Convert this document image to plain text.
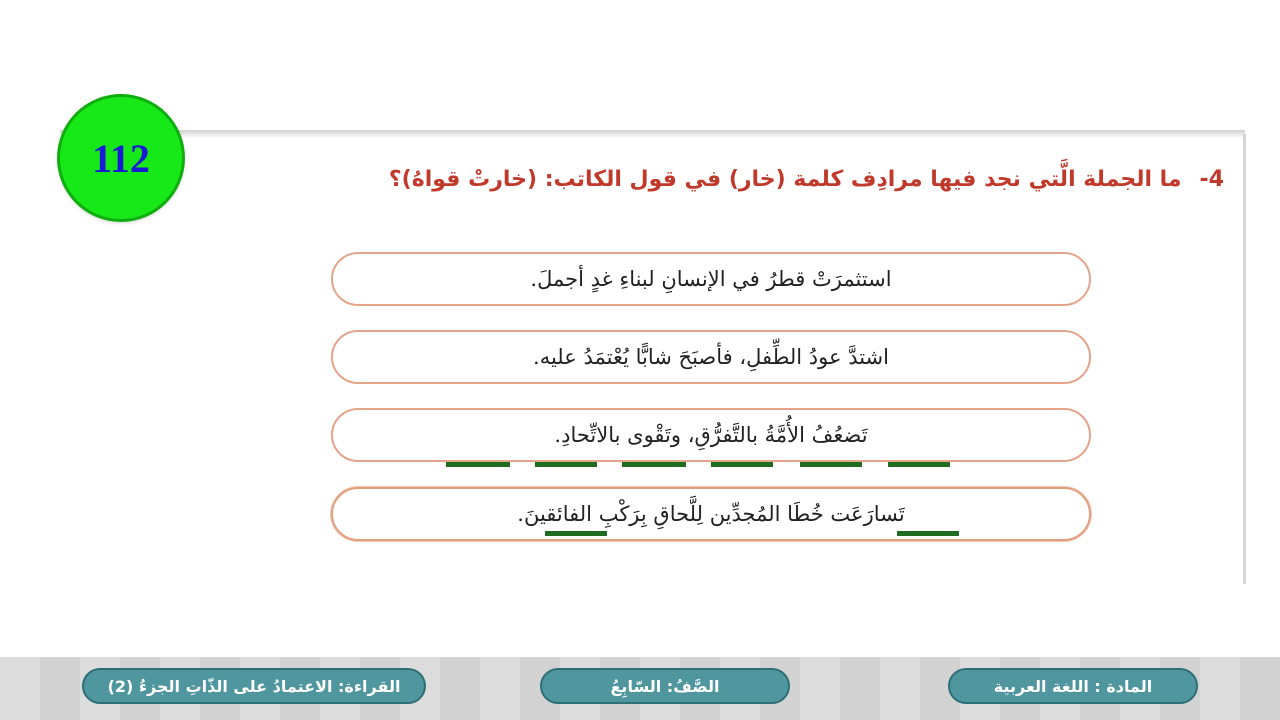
112	4-ما الجملة الَّتي نجد فيها مرادِف كلمة (خار) في قول الكاتب: (خارتْ قواهُ)؟
استثمرَتْ قطرُ في الإنسانِ لبناءِ غدٍ أجملَ.
اشتدَّ عودُ الطِّفلِ، فأصبَحَ شابًّا يُعْتمَدُ عليه.
تَضعُفُ الأُمَّةُ بالتَّفرُّقِ، وتَقْوى بالاتِّحادِ.
تَسارَعَت خُطَا المُجدِّين لِلَّحاقِ بِرَكْبِ الفائقينَ.
المادة : اللغة العربية
الصَّفُ: السّابِعُ
القراءة: الاعتمادُ على الذّاتِ الجزءُ (2)
